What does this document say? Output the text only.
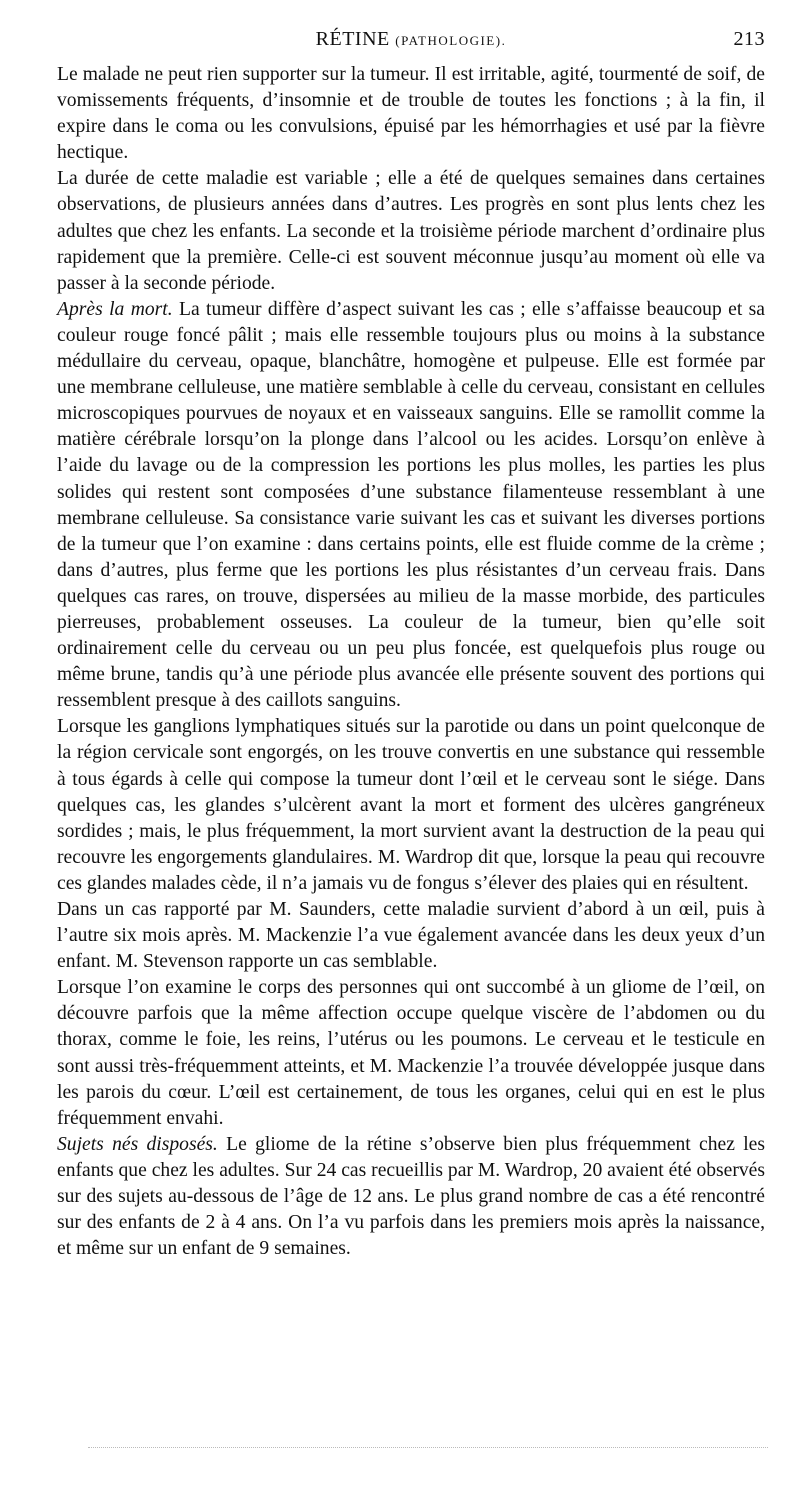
RÉTINE (PATHOLOGIE).	213

Le malade ne peut rien supporter sur la tumeur. Il est irritable, agité, tourmenté de soif, de vomissements fréquents, d’insomnie et de trouble de toutes les fonctions ; à la fin, il expire dans le coma ou les convulsions, épuisé par les hémorrhagies et usé par la fièvre hectique.

La durée de cette maladie est variable ; elle a été de quelques semaines dans certaines observations, de plusieurs années dans d’autres. Les progrès en sont plus lents chez les adultes que chez les enfants. La seconde et la troisième période marchent d’ordinaire plus rapidement que la première. Celle-ci est souvent méconnue jusqu’au moment où elle va passer à la seconde période.

Après la mort. La tumeur diffère d’aspect suivant les cas ; elle s’affaisse beaucoup et sa couleur rouge foncé pâlit ; mais elle ressemble toujours plus ou moins à la substance médullaire du cerveau, opaque, blanchâtre, homogène et pulpeuse. Elle est formée par une membrane celluleuse, une matière semblable à celle du cerveau, consistant en cellules microscopiques pourvues de noyaux et en vaisseaux sanguins. Elle se ramollit comme la matière cérébrale lorsqu’on la plonge dans l’alcool ou les acides. Lorsqu’on enlève à l’aide du lavage ou de la compression les portions les plus molles, les parties les plus solides qui restent sont composées d’une substance filamenteuse ressemblant à une membrane celluleuse. Sa consistance varie suivant les cas et suivant les diverses portions de la tumeur que l’on examine : dans certains points, elle est fluide comme de la crème ; dans d’autres, plus ferme que les portions les plus résistantes d’un cerveau frais. Dans quelques cas rares, on trouve, dispersées au milieu de la masse morbide, des particules pierreuses, probablement osseuses. La couleur de la tumeur, bien qu’elle soit ordinairement celle du cerveau ou un peu plus foncée, est quelquefois plus rouge ou même brune, tandis qu’à une période plus avancée elle présente souvent des portions qui ressemblent presque à des caillots sanguins.

Lorsque les ganglions lymphatiques situés sur la parotide ou dans un point quelconque de la région cervicale sont engorgés, on les trouve convertis en une substance qui ressemble à tous égards à celle qui compose la tumeur dont l’œil et le cerveau sont le siége. Dans quelques cas, les glandes s’ulcèrent avant la mort et forment des ulcères gangréneux sordides ; mais, le plus fréquemment, la mort survient avant la destruction de la peau qui recouvre les engorgements glandulaires. M. Wardrop dit que, lorsque la peau qui recouvre ces glandes malades cède, il n’a jamais vu de fongus s’élever des plaies qui en résultent.

Dans un cas rapporté par M. Saunders, cette maladie survient d’abord à un œil, puis à l’autre six mois après. M. Mackenzie l’a vue également avancée dans les deux yeux d’un enfant. M. Stevenson rapporte un cas semblable.

Lorsque l’on examine le corps des personnes qui ont succombé à un gliome de l’œil, on découvre parfois que la même affection occupe quelque viscère de l’abdomen ou du thorax, comme le foie, les reins, l’utérus ou les poumons. Le cerveau et le testicule en sont aussi très-fréquemment atteints, et M. Mackenzie l’a trouvée développée jusque dans les parois du cœur. L’œil est certainement, de tous les organes, celui qui en est le plus fréquemment envahi.

Sujets nés disposés. Le gliome de la rétine s’observe bien plus fréquemment chez les enfants que chez les adultes. Sur 24 cas recueillis par M. Wardrop, 20 avaient été observés sur des sujets au-dessous de l’âge de 12 ans. Le plus grand nombre de cas a été rencontré sur des enfants de 2 à 4 ans. On l’a vu parfois dans les premiers mois après la naissance, et même sur un enfant de 9 semaines.
